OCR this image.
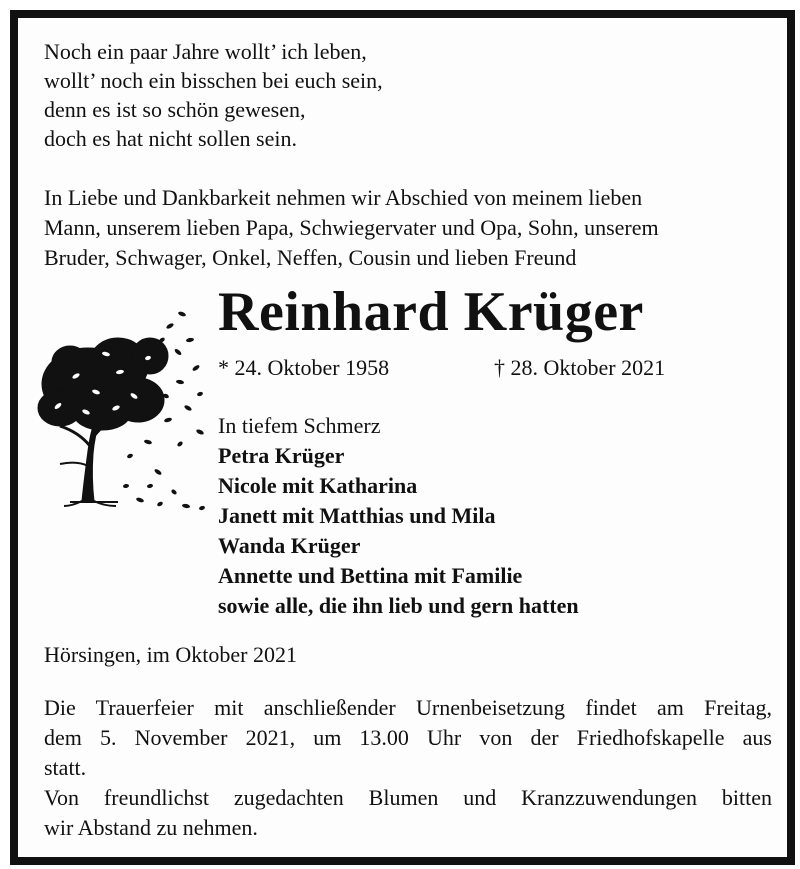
Noch ein paar Jahre wollt’ ich leben,
wollt’ noch ein bisschen bei euch sein,
denn es ist so schön gewesen,
doch es hat nicht sollen sein.
In Liebe und Dankbarkeit nehmen wir Abschied von meinem lieben
Mann, unserem lieben Papa, Schwiegervater und Opa, Sohn, unserem
Bruder, Schwager, Onkel, Neffen, Cousin und lieben Freund
Reinhard Krüger
* 24. Oktober 1958	† 28. Oktober 2021
In tiefem Schmerz
Petra Krüger
Nicole mit Katharina
Janett mit Matthias und Mila
Wanda Krüger
Annette und Bettina mit Familie
sowie alle, die ihn lieb und gern hatten
Hörsingen, im Oktober 2021
Die Trauerfeier mit anschließender Urnenbeisetzung findet am Freitag,
dem 5. November 2021, um 13.00 Uhr von der Friedhofskapelle aus
statt.
Von freundlichst zugedachten Blumen und Kranzzuwendungen bitten
wir Abstand zu nehmen.
